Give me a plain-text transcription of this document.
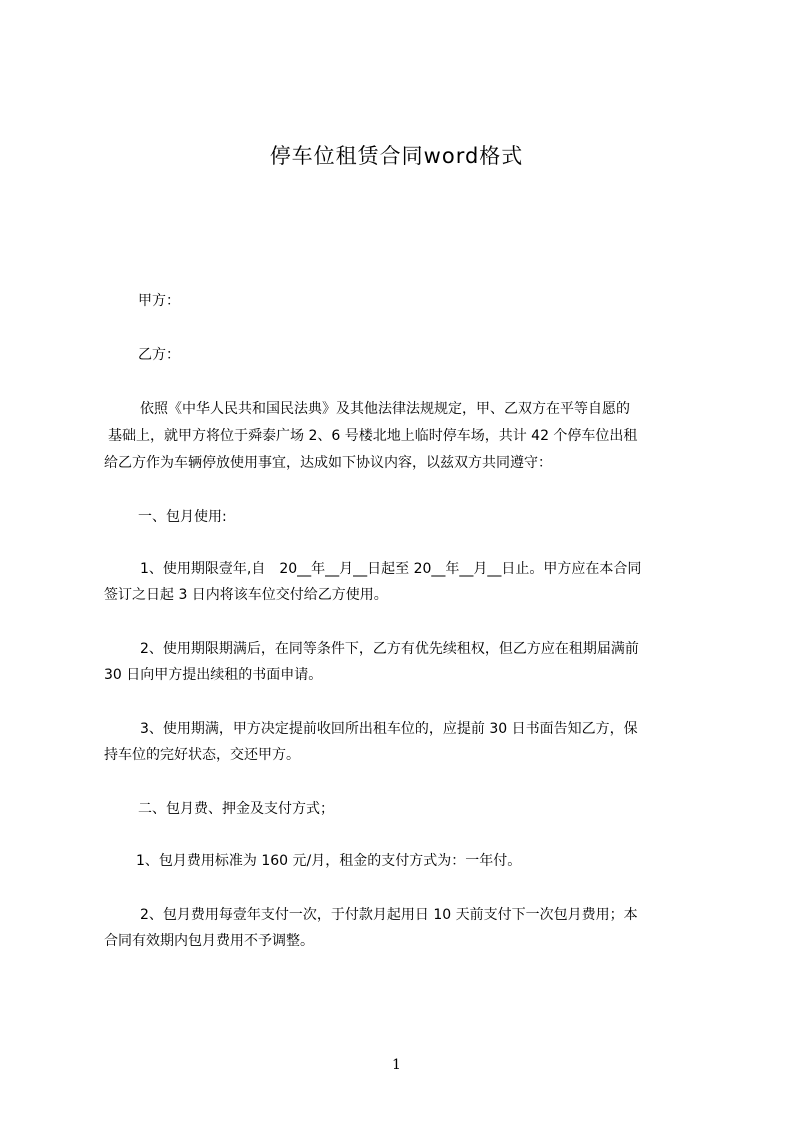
停车位租赁合同word格式

甲方：

乙方：

依照《中华人民共和国民法典》及其他法律法规规定，甲、乙双方在平等自愿的

基础上，就甲方将位于舜泰广场 2、6 号楼北地上临时停车场，共计 42 个停车位出租

给乙方作为车辆停放使用事宜，达成如下协议内容，以兹双方共同遵守：

一、包月使用:

1、使用期限壹年,自　20__年__月__日起至 20__年__月__日止。甲方应在本合同

签订之日起 3 日内将该车位交付给乙方使用。

2、使用期限期满后，在同等条件下，乙方有优先续租权，但乙方应在租期届满前

30 日向甲方提出续租的书面申请。

3、使用期满，甲方决定提前收回所出租车位的，应提前 30 日书面告知乙方，保

持车位的完好状态，交还甲方。

二、包月费、押金及支付方式；

1、包月费用标准为 160 元/月，租金的支付方式为：一年付。

2、包月费用每壹年支付一次，于付款月起用日 10 天前支付下一次包月费用；本

合同有效期内包月费用不予调整。

1
